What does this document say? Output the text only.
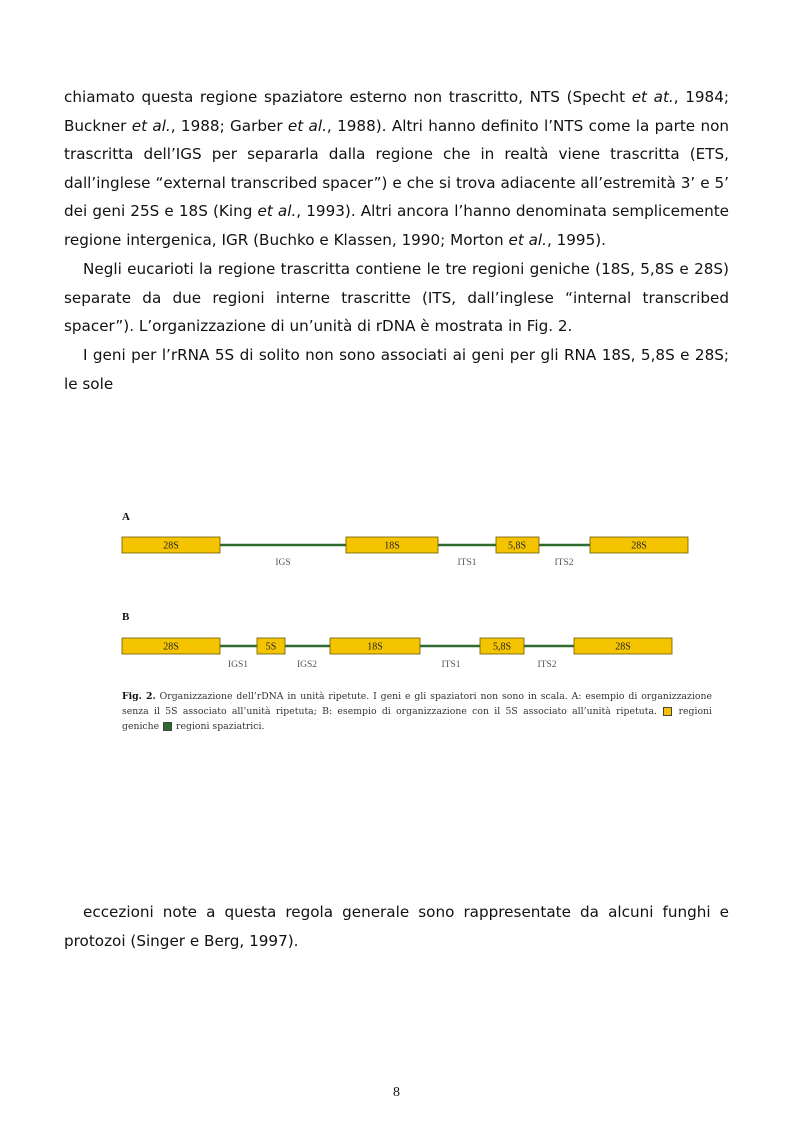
chiamato questa regione spaziatore esterno non trascritto, NTS (Specht et at., 1984; Buckner et al., 1988; Garber et al., 1988). Altri hanno definito l’NTS come la parte non trascritta dell’IGS per separarla dalla regione che in realtà viene trascritta (ETS, dall’inglese “external transcribed spacer”) e che si trova adiacente all’estremità 3’ e 5’ dei geni 25S e 18S (King et al., 1993). Altri ancora l’hanno denominata semplicemente regione intergenica, IGR (Buchko e Klassen, 1990; Morton et al., 1995).

Negli eucarioti la regione trascritta contiene le tre regioni geniche (18S, 5,8S e 28S) separate da due regioni interne trascritte (ITS, dall’inglese “internal transcribed spacer”). L’organizzazione di un’unità di rDNA è mostrata in Fig. 2.

I geni per l’rRNA 5S di solito non sono associati ai geni per gli RNA 18S, 5,8S e 28S; le sole

A
28S	18S	5,8S	28S
IGS	ITS1	ITS2
B
28S	5S	18S	5,8S	28S
IGS1	IGS2	ITS1	ITS2
Fig. 2. Organizzazione dell’rDNA in unità ripetute. I geni e gli spaziatori non sono in scala. A: esempio di organizzazione senza il 5S associato all’unità ripetuta; B: esempio di organizzazione con il 5S associato all’unità ripetuta.  regioni geniche  regioni spaziatrici.

eccezioni note a questa regola generale sono rappresentate da alcuni funghi e protozoi (Singer e Berg, 1997).

8
